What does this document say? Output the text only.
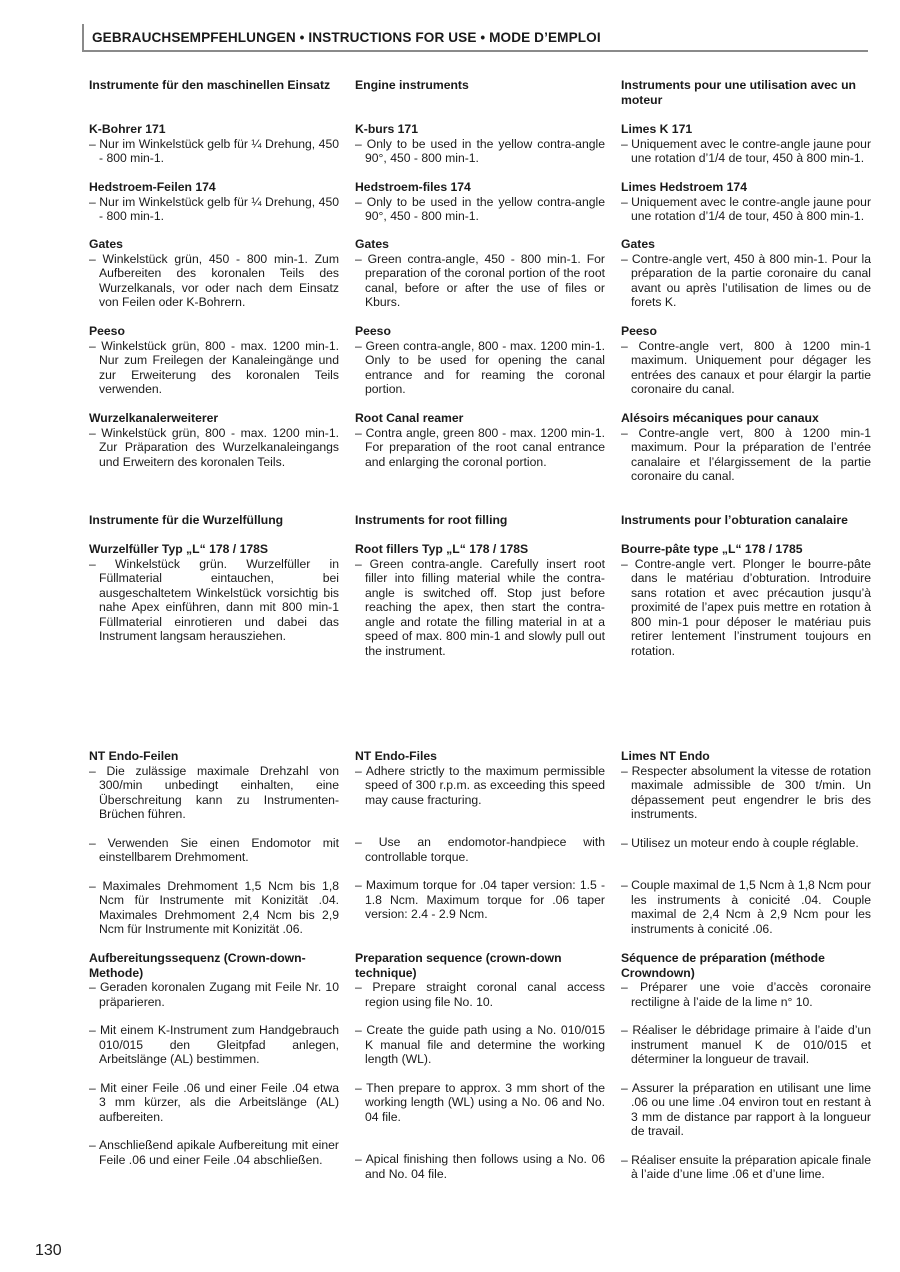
GEBRAUCHSEMPFEHLUNGEN • INSTRUCTIONS FOR USE • MODE D’EMPLOI
Instrumente für den maschinellen Einsatz
K-Bohrer 171
– Nur im Winkelstück gelb für ¼ Drehung, 450 - 800 min-1.
Hedstroem-Feilen 174
– Nur im Winkelstück gelb für ¼ Drehung, 450 - 800 min-1.
Gates
– Winkelstück grün, 450 - 800 min-1. Zum Aufbereiten des koronalen Teils des Wurzelkanals, vor oder nach dem Einsatz von Feilen oder K-Bohrern.
Peeso
– Winkelstück grün, 800 - max. 1200 min-1. Nur zum Freilegen der Kanaleingänge und zur Erweiterung des koronalen Teils verwenden.
Wurzelkanalerweiterer
– Winkelstück grün, 800 - max. 1200 min-1. Zur Präparation des Wurzelkanaleingangs und Erweitern des koronalen Teils.
Instrumente für die Wurzelfüllung
Wurzelfüller Typ „L“ 178 / 178S
– Winkelstück grün. Wurzelfüller in Füllmaterial eintauchen, bei ausgeschaltetem Winkelstück vorsichtig bis nahe Apex einführen, dann mit 800 min-1 Füllmaterial einrotieren und dabei das Instrument langsam herausziehen.
NT Endo-Feilen
– Die zulässige maximale Drehzahl von 300/min unbedingt einhalten, eine Überschreitung kann zu Instrumenten-Brüchen führen.
– Verwenden Sie einen Endomotor mit einstellbarem Drehmoment.
– Maximales Drehmoment 1,5 Ncm bis 1,8 Ncm für Instrumente mit Konizität .04. Maximales Drehmoment 2,4 Ncm bis 2,9 Ncm für Instrumente mit Konizität .06.
Aufbereitungssequenz (Crown-down-Methode)
– Geraden koronalen Zugang mit Feile Nr. 10 präparieren.
– Mit einem K-Instrument zum Handgebrauch 010/015 den Gleitpfad anlegen, Arbeitslänge (AL) bestimmen.
– Mit einer Feile .06 und einer Feile .04 etwa 3 mm kürzer, als die Arbeitslänge (AL) aufbereiten.
– Anschließend apikale Aufbereitung mit einer Feile .06 und einer Feile .04 abschließen.
Engine instruments
K-burs 171
– Only to be used in the yellow contra-angle 90°, 450 - 800 min-1.
Hedstroem-files 174
– Only to be used in the yellow contra-angle 90°, 450 - 800 min-1.
Gates
– Green contra-angle, 450 - 800 min-1. For preparation of the coronal portion of the root canal, before or after the use of files or Kburs.
Peeso
– Green contra-angle, 800 - max. 1200 min-1. Only to be used for opening the canal entrance and for reaming the coronal portion.
Root Canal reamer
– Contra angle, green 800 - max. 1200 min-1. For preparation of the root canal entrance and enlarging the coronal portion.
Instruments for root filling
Root fillers Typ „L“ 178 / 178S
– Green contra-angle. Carefully insert root filler into filling material while the contra-angle is switched off. Stop just before reaching the apex, then start the contra-angle and rotate the filling material in at a speed of max. 800 min-1 and slowly pull out the instrument.
NT Endo-Files
– Adhere strictly to the maximum permissible speed of 300 r.p.m. as exceeding this speed may cause fracturing.
– Use an endomotor-handpiece with controllable torque.
– Maximum torque for .04 taper version: 1.5 - 1.8 Ncm. Maximum torque for .06 taper version: 2.4 - 2.9 Ncm.
Preparation sequence (crown-down technique)
– Prepare straight coronal canal access region using file No. 10.
– Create the guide path using a No. 010/015 K manual file and determine the working length (WL).
– Then prepare to approx. 3 mm short of the working length (WL) using a No. 06 and No. 04 file.
– Apical finishing then follows using a No. 06 and No. 04 file.
Instruments pour une utilisation avec un moteur
Limes K 171
– Uniquement avec le contre-angle jaune pour une rotation d’1/4 de tour, 450 à 800 min-1.
Limes Hedstroem 174
– Uniquement avec le contre-angle jaune pour une rotation d’1/4 de tour, 450 à 800 min-1.
Gates
– Contre-angle vert, 450 à 800 min-1. Pour la préparation de la partie coronaire du canal avant ou après l’utilisation de limes ou de forets K.
Peeso
– Contre-angle vert, 800 à 1200 min-1 maximum. Uniquement pour dégager les entrées des canaux et pour élargir la partie coronaire du canal.
Alésoirs mécaniques pour canaux
– Contre-angle vert, 800 à 1200 min-1 maximum. Pour la préparation de l’entrée canalaire et l’élargissement de la partie coronaire du canal.
Instruments pour l’obturation canalaire
Bourre-pâte type „L“ 178 / 1785
– Contre-angle vert. Plonger le bourre-pâte dans le matériau d’obturation. Introduire sans rotation et avec précaution jusqu’à proximité de l’apex puis mettre en rotation à 800 min-1 pour déposer le matériau puis retirer lentement l’instrument toujours en rotation.
Limes NT Endo
– Respecter absolument la vitesse de rotation maximale admissible de 300 t/min. Un dépassement peut engendrer le bris des instruments.
– Utilisez un moteur endo à couple réglable.
– Couple maximal de 1,5 Ncm à 1,8 Ncm pour les instruments à conicité .04. Couple maximal de 2,4 Ncm à 2,9 Ncm pour les instruments à conicité .06.
Séquence de préparation (méthode Crowndown)
– Préparer une voie d’accès coronaire rectiligne à l’aide de la lime n° 10.
– Réaliser le débridage primaire à l’aide d’un instrument manuel K de 010/015 et déterminer la longueur de travail.
– Assurer la préparation en utilisant une lime .06 ou une lime .04 environ tout en restant à 3 mm de distance par rapport à la longueur de travail.
– Réaliser ensuite la préparation apicale finale à l’aide d’une lime .06 et d’une lime.
130
